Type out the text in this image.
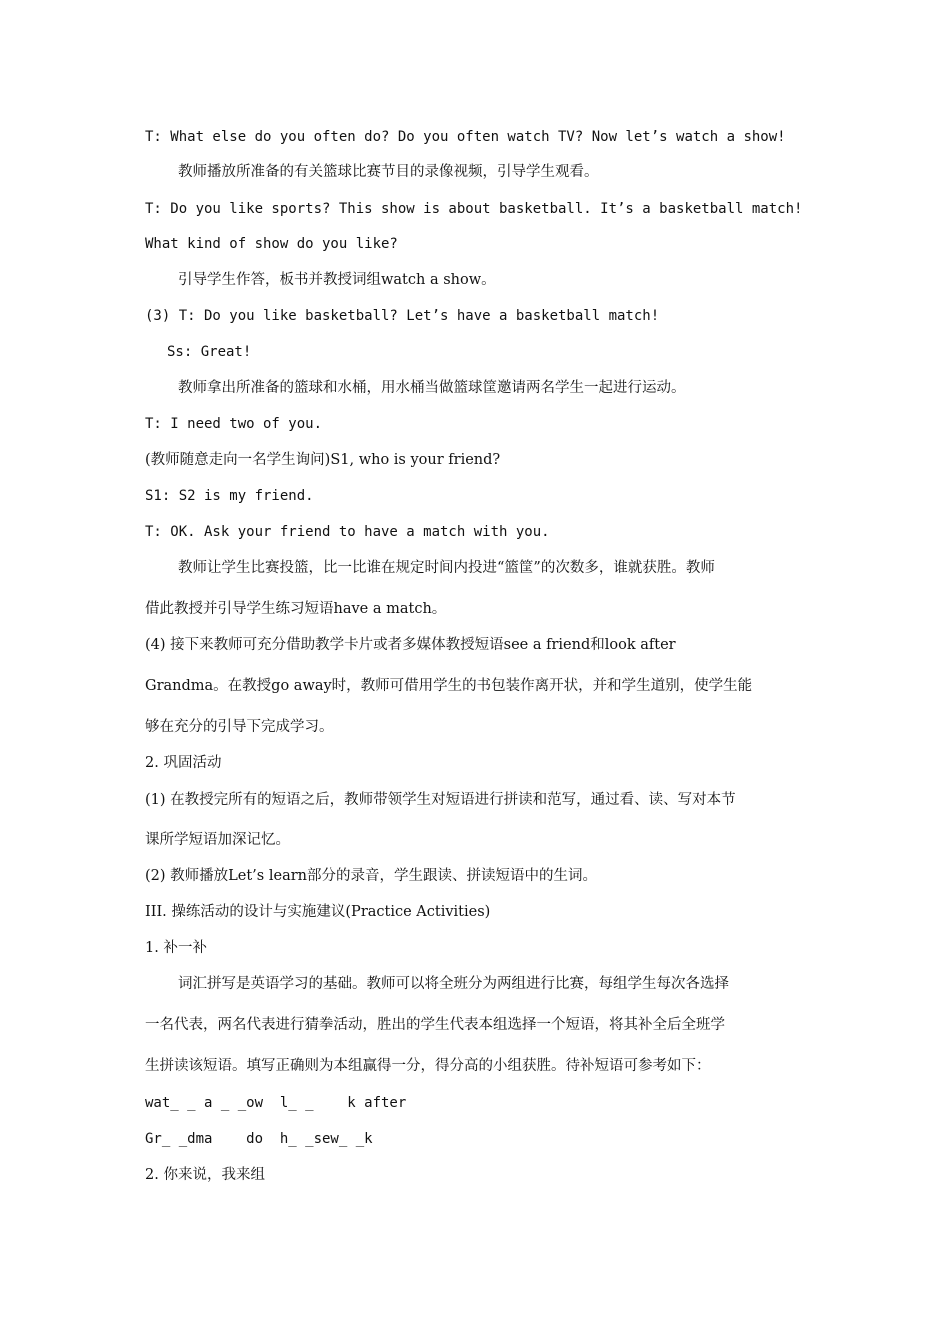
T: What else do you often do? Do you often watch TV? Now let’s watch a show!
教师播放所准备的有关篮球比赛节目的录像视频，引导学生观看。
T: Do you like sports? This show is about basketball. It’s a basketball match!
What kind of show do you like?
引导学生作答，板书并教授词组watch a show。
(3) T: Do you like basketball? Let’s have a basketball match!
Ss: Great!
教师拿出所准备的篮球和水桶，用水桶当做篮球筐邀请两名学生一起进行运动。
T: I need two of you.
(教师随意走向一名学生询问)S1, who is your friend?
S1: S2 is my friend.
T: OK. Ask your friend to have a match with you.
教师让学生比赛投篮，比一比谁在规定时间内投进“篮筐”的次数多，谁就获胜。教师
借此教授并引导学生练习短语have a match。
(4) 接下来教师可充分借助教学卡片或者多媒体教授短语see a friend和look after
Grandma。在教授go away时，教师可借用学生的书包装作离开状，并和学生道别，使学生能
够在充分的引导下完成学习。
2. 巩固活动
(1) 在教授完所有的短语之后，教师带领学生对短语进行拼读和范写，通过看、读、写对本节
课所学短语加深记忆。
(2) 教师播放Let’s learn部分的录音，学生跟读、拼读短语中的生词。
III. 操练活动的设计与实施建议(Practice Activities)
1. 补一补
词汇拼写是英语学习的基础。教师可以将全班分为两组进行比赛，每组学生每次各选择
一名代表，两名代表进行猜拳活动，胜出的学生代表本组选择一个短语，将其补全后全班学
生拼读该短语。填写正确则为本组赢得一分，得分高的小组获胜。待补短语可参考如下：
wat_ _ a _ _ow  l_ _    k after
Gr_ _dma    do  h_ _sew_ _k
2. 你来说，我来组
